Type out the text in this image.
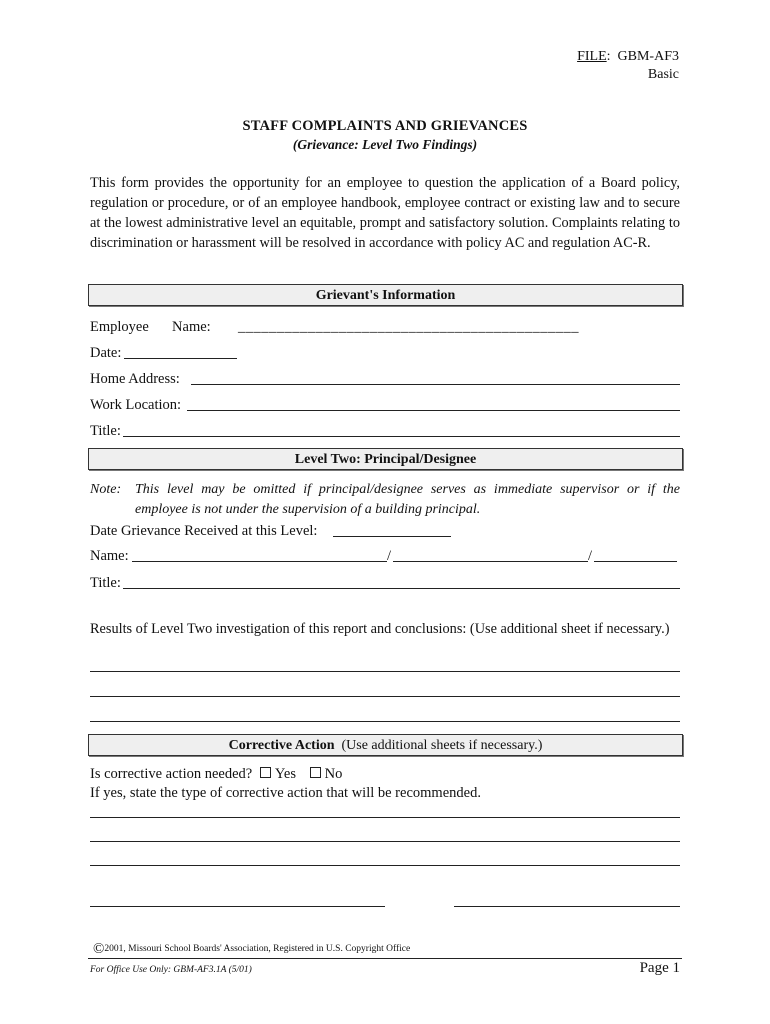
FILE:  GBM-AF3
Basic
STAFF COMPLAINTS AND GRIEVANCES
(Grievance: Level Two Findings)
This form provides the opportunity for an employee to question the application of a Board policy, regulation or procedure, or of an employee handbook, employee contract or existing law and to secure at the lowest administrative level an equitable, prompt and satisfactory solution. Complaints relating to discrimination or harassment will be resolved in accordance with policy AC and regulation AC-R.
Grievant's Information
Employee Name: ____________________________________________
Date:
Home Address:
Work Location:
Title:
Level Two: Principal/Designee
Note: This level may be omitted if principal/designee serves as immediate supervisor or if the employee is not under the supervision of a building principal.
Date Grievance Received at this Level:
Name:	/	/
Title:
Results of Level Two investigation of this report and conclusions: (Use additional sheet if necessary.)
Corrective Action (Use additional sheets if necessary.)
Is corrective action needed? Yes No
If yes, state the type of corrective action that will be recommended.
©2001, Missouri School Boards' Association, Registered in U.S. Copyright Office
For Office Use Only: GBM-AF3.1A (5/01)	Page 1
